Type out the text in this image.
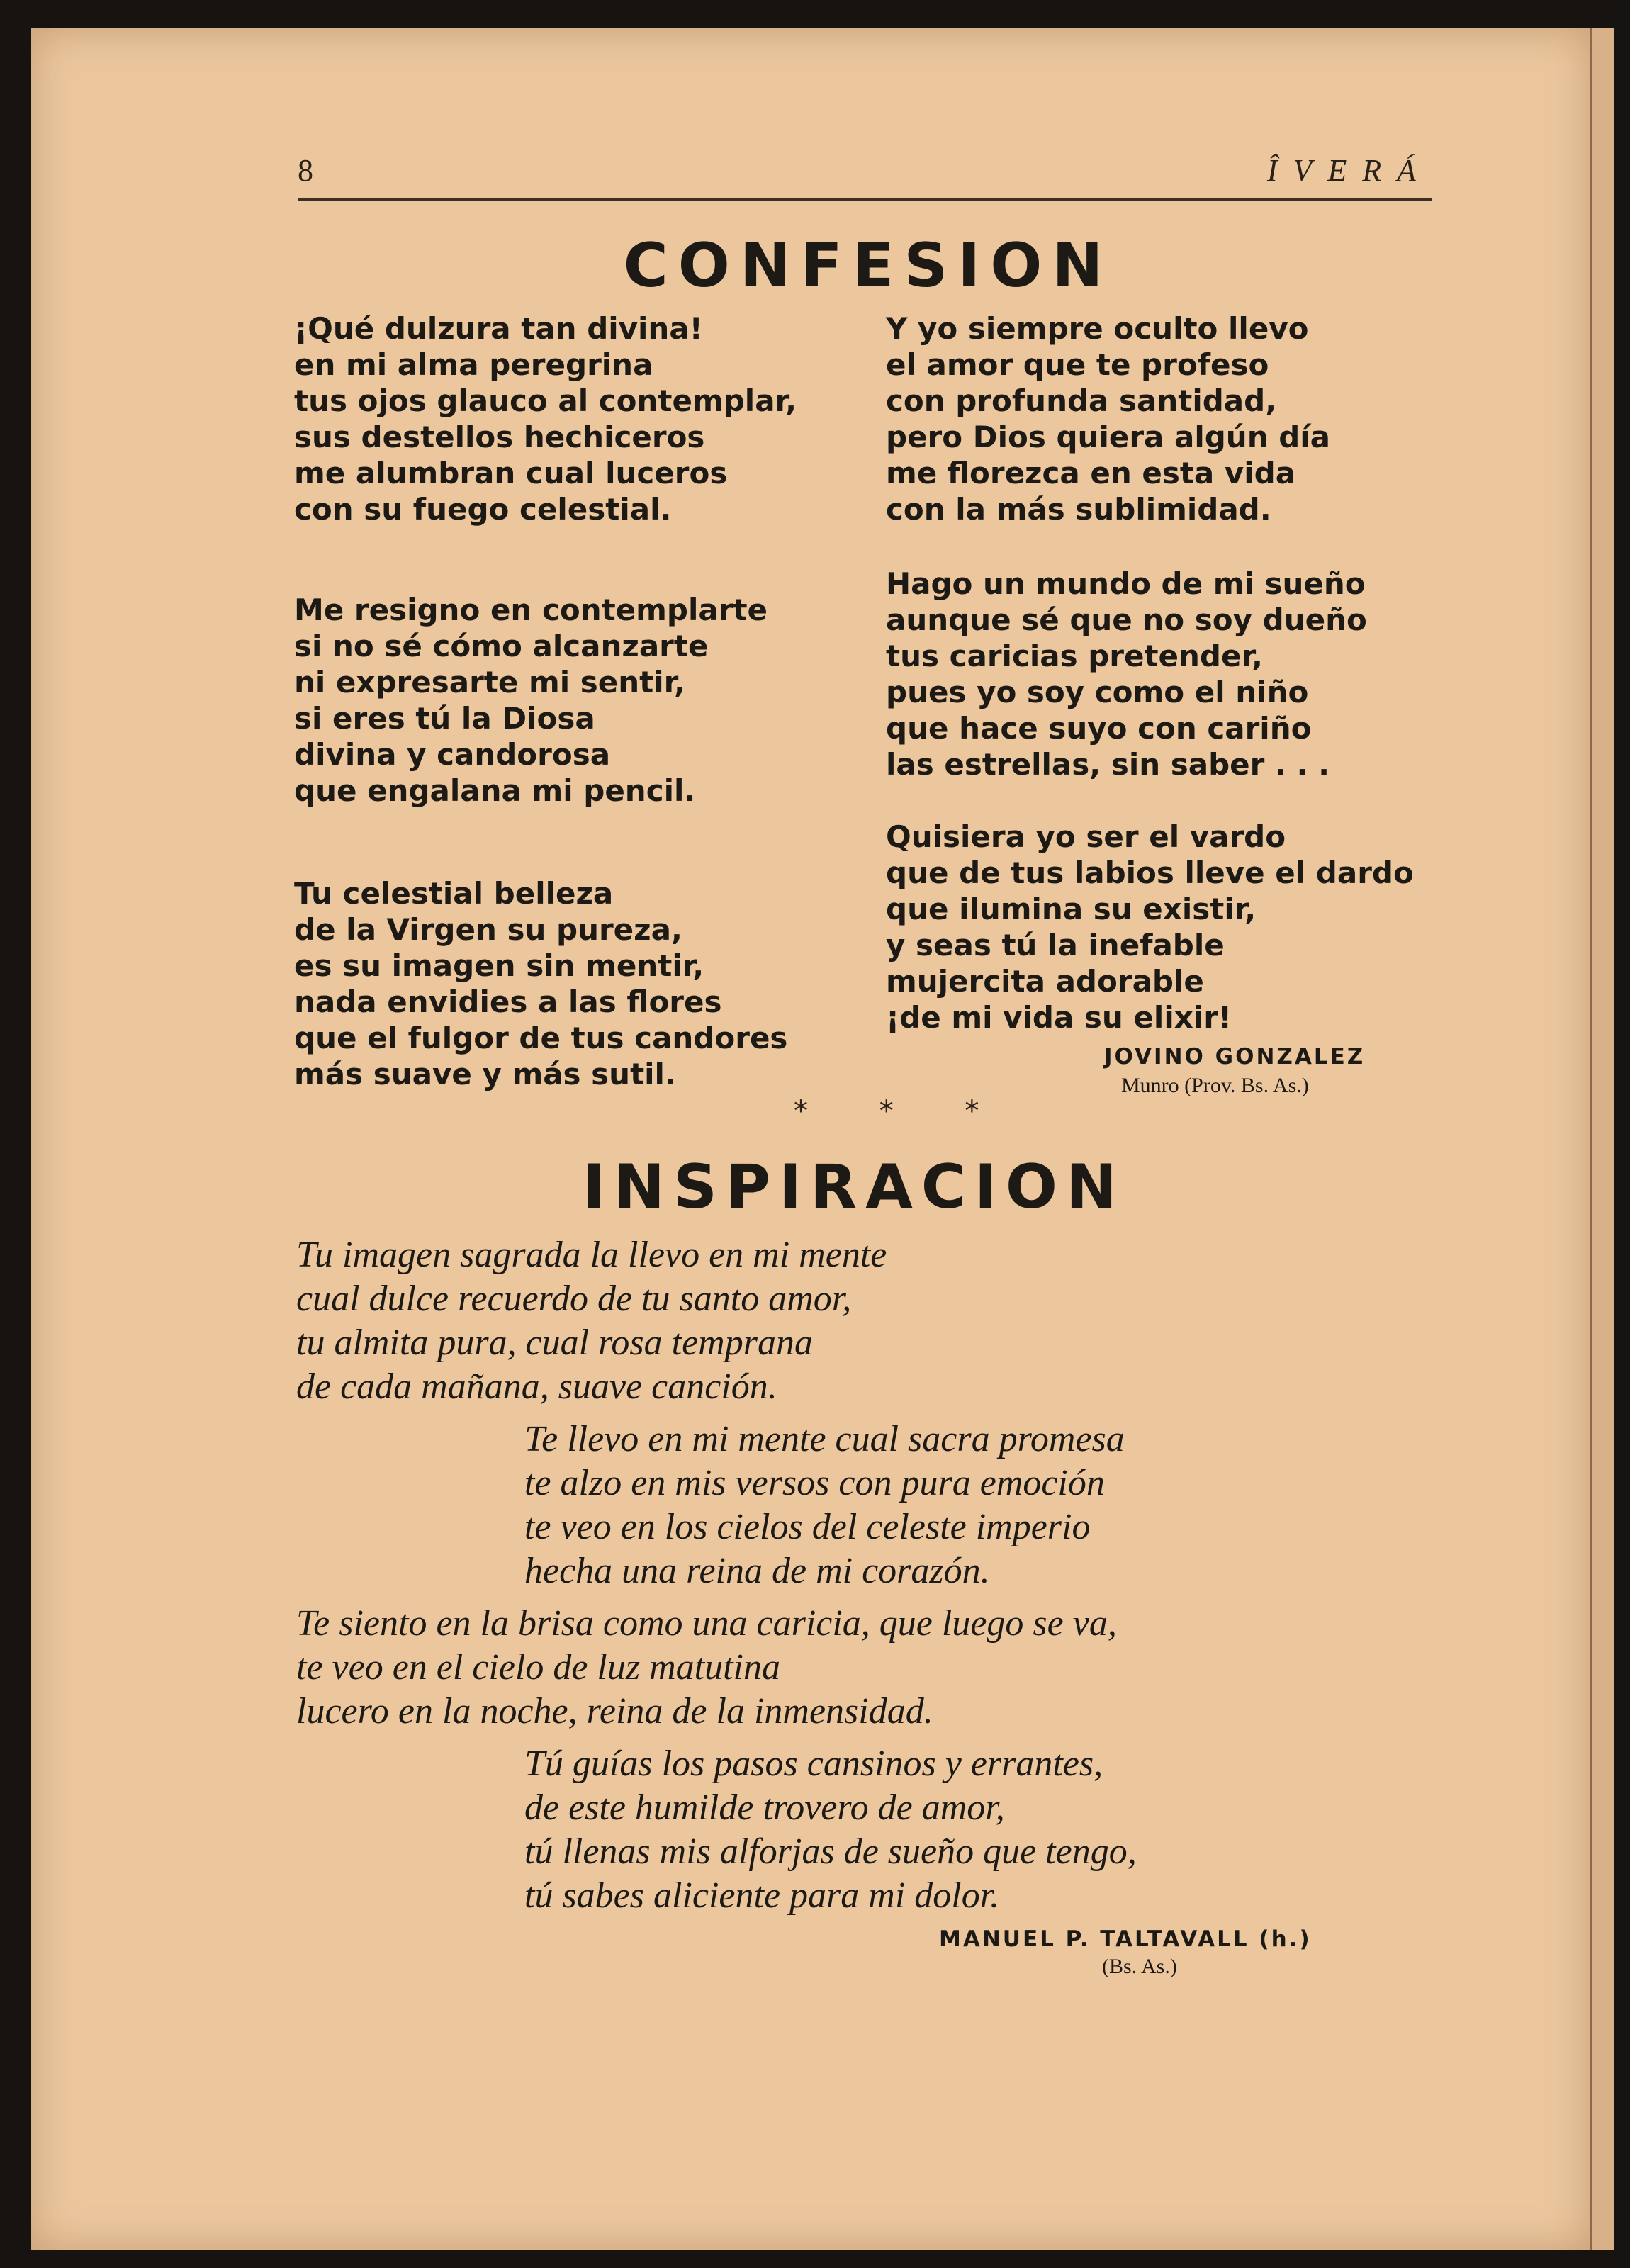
8	ÎVERÁ
CONFESION
¡Qué dulzura tan divina!
en mi alma peregrina
tus ojos glauco al contemplar,
sus destellos hechiceros
me alumbran cual luceros
con su fuego celestial.
Me resigno en contemplarte
si no sé cómo alcanzarte
ni expresarte mi sentir,
si eres tú la Diosa
divina y candorosa
que engalana mi pencil.
Tu celestial belleza
de la Virgen su pureza,
es su imagen sin mentir,
nada envidies a las flores
que el fulgor de tus candores
más suave y más sutil.
Y yo siempre oculto llevo
el amor que te profeso
con profunda santidad,
pero Dios quiera algún día
me florezca en esta vida
con la más sublimidad.
Hago un mundo de mi sueño
aunque sé que no soy dueño
tus caricias pretender,
pues yo soy como el niño
que hace suyo con cariño
las estrellas, sin saber . . .
Quisiera yo ser el vardo
que de tus labios lleve el dardo
que ilumina su existir,
y seas tú la inefable
mujercita adorable
¡de mi vida su elixir!
JOVINO GONZALEZ
Munro (Prov. Bs. As.)
* * *
INSPIRACION
Tu imagen sagrada la llevo en mi mente
cual dulce recuerdo de tu santo amor,
tu almita pura, cual rosa temprana
de cada mañana, suave canción.
Te llevo en mi mente cual sacra promesa
te alzo en mis versos con pura emoción
te veo en los cielos del celeste imperio
hecha una reina de mi corazón.
Te siento en la brisa como una caricia, que luego se va,
te veo en el cielo de luz matutina
lucero en la noche, reina de la inmensidad.
Tú guías los pasos cansinos y errantes,
de este humilde trovero de amor,
tú llenas mis alforjas de sueño que tengo,
tú sabes aliciente para mi dolor.
MANUEL P. TALTAVALL (h.)
(Bs. As.)
